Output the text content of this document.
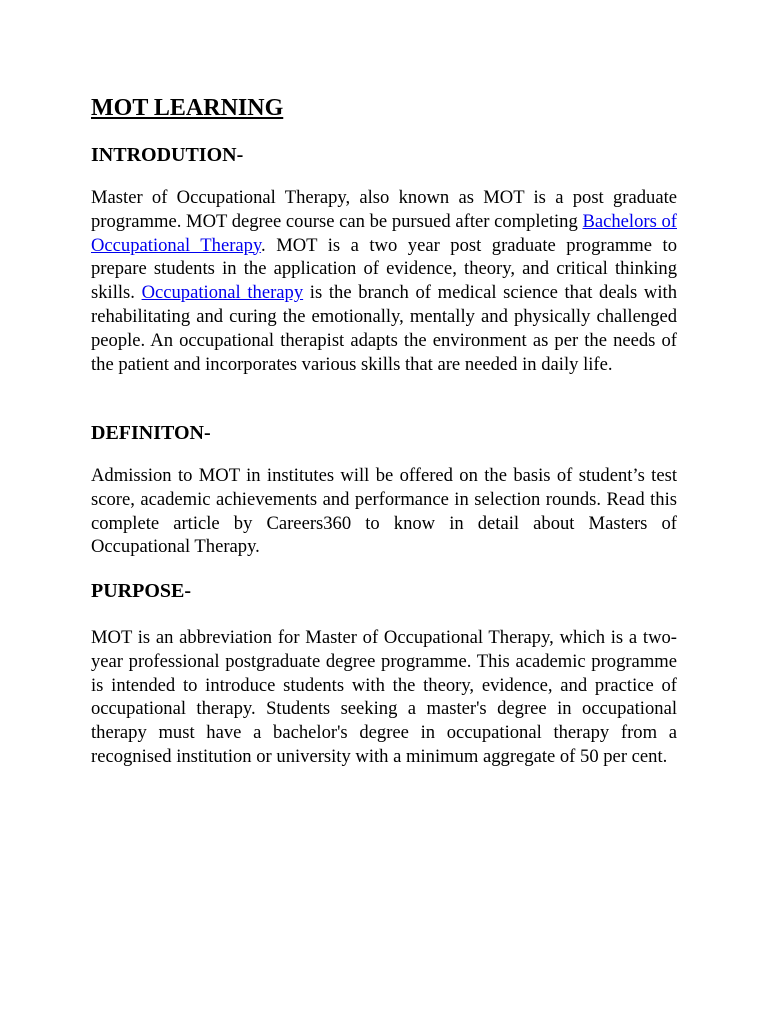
MOT LEARNING
INTRODUTION-

Master of Occupational Therapy, also known as MOT is a post graduate programme. MOT degree course can be pursued after completing Bachelors of Occupational Therapy. MOT is a two year post graduate programme to prepare students in the application of evidence, theory, and critical thinking skills. Occupational therapy is the branch of medical science that deals with rehabilitating and curing the emotionally, mentally and physically challenged people. An occupational therapist adapts the environment as per the needs of the patient and incorporates various skills that are needed in daily life.

DEFINITON-

Admission to MOT in institutes will be offered on the basis of student’s test score, academic achievements and performance in selection rounds. Read this complete article by Careers360 to know in detail about Masters of Occupational Therapy.

PURPOSE-

MOT is an abbreviation for Master of Occupational Therapy, which is a two-year professional postgraduate degree programme. This academic programme is intended to introduce students with the theory, evidence, and practice of occupational therapy. Students seeking a master's degree in occupational therapy must have a bachelor's degree in occupational therapy from a recognised institution or university with a minimum aggregate of 50 per cent.
